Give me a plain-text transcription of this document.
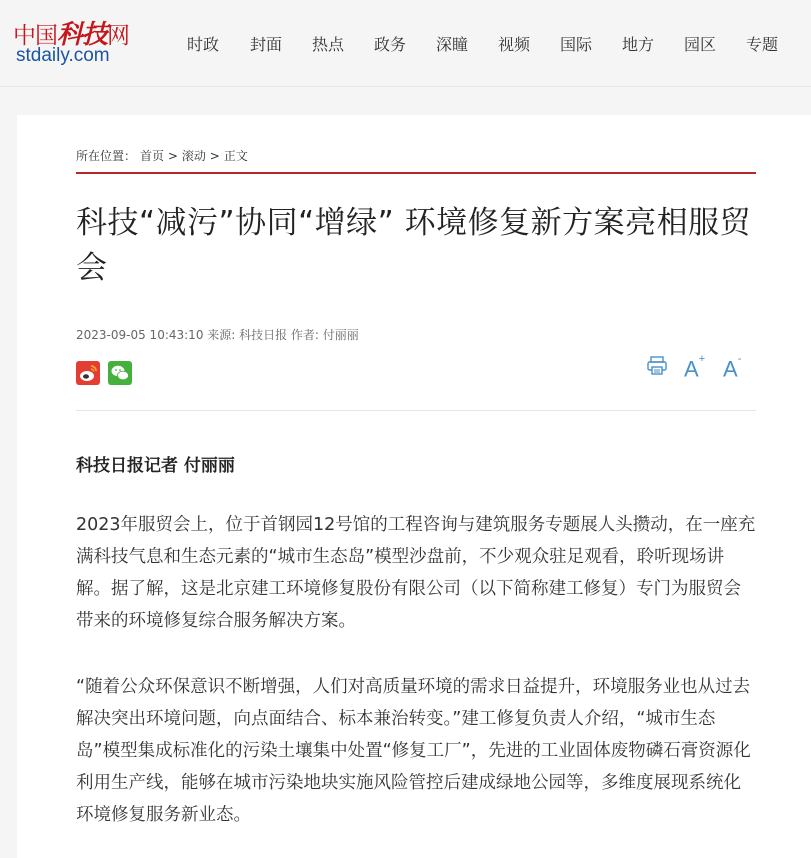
中国科技网
stdaily.com
时政 封面 热点 政务 深瞳 视频 国际 地方 园区 专题
所在位置： 首页 > 滚动 > 正文
科技“减污”协同“增绿” 环境修复新方案亮相服贸会
2023-09-05 10:43:10 来源: 科技日报 作者: 付丽丽
A+ A-
科技日报记者 付丽丽

2023年服贸会上，位于首钢园12号馆的工程咨询与建筑服务专题展人头攒动，在一座充满科技气息和生态元素的“城市生态岛”模型沙盘前，不少观众驻足观看，聆听现场讲解。据了解，这是北京建工环境修复股份有限公司（以下简称建工修复）专门为服贸会带来的环境修复综合服务解决方案。

“随着公众环保意识不断增强，人们对高质量环境的需求日益提升，环境服务业也从过去解决突出环境问题，向点面结合、标本兼治转变。”建工修复负责人介绍，“城市生态岛”模型集成标准化的污染土壤集中处置“修复工厂”，先进的工业固体废物磷石膏资源化利用生产线，能够在城市污染地块实施风险管控后建成绿地公园等，多维度展现系统化环境修复服务新业态。
